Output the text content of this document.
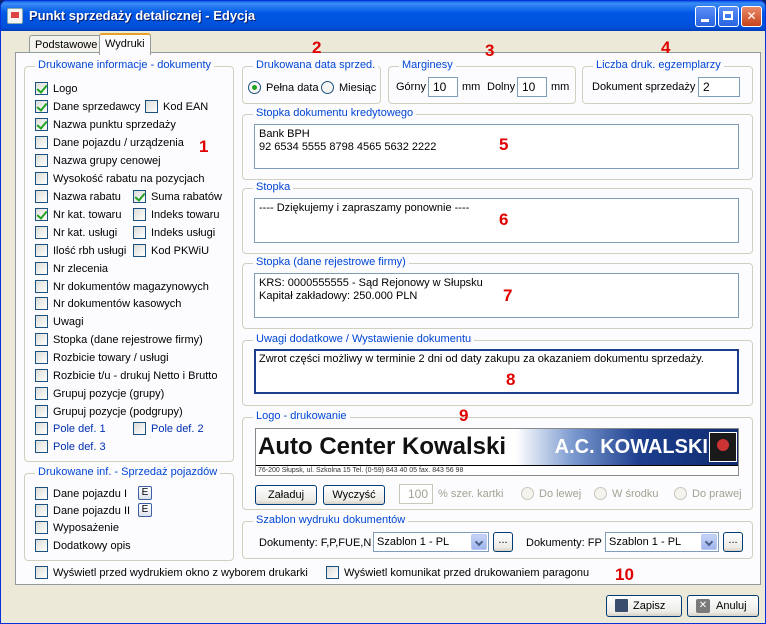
Punkt sprzedaży detalicznej - Edycja	✕
Podstawowe Wydruki
Drukowane informacje - dokumenty
Drukowane inf. - Sprzedaż pojazdów
E
E
Drukowana data sprzed.
Pełna data	Miesiąc
Marginesy
Górny 10	mm Dolny 10	mm
Liczba druk. egzemplarzy
Dokument sprzedaży 2
Stopka dokumentu kredytowego
Bank BPH
92 6534 5555 8798 4565 5632 2222
Stopka
---- Dziękujemy i zapraszamy ponownie ----
Stopka (dane rejestrowe firmy)
KRS: 0000555555 - Sąd Rejonowy w Słupsku
Kapitał zakładowy: 250.000 PLN
Uwagi dodatkowe / Wystawienie dokumentu
Zwrot części możliwy w terminie 2 dni od daty zakupu za okazaniem dokumentu sprzedaży.
Logo - drukowanie
Auto Center Kowalski	A.C. KOWALSKI
76-200 Słupsk, ul. Szkolna 15 Tel. (0-59) 843 40 05 fax. 843 56 98
Załaduj	Wyczyść	100 % szer. kartki	Do lewej	W środku	Do prawej
Szablon wydruku dokumentów
Dokumenty: F,P,FUE,N Szablon 1 - PL	...	Dokumenty: FP Szablon 1 - PL	...
Wyświetl przed wydrukiem okno z wyborem drukarki	Wyświetl komunikat przed drukowaniem paragonu
Zapisz	✕ Anuluj
1
2	3	4
5
6
7
8
9
10
Logo
Dane sprzedawcy	Kod EAN
Nazwa punktu sprzedaży
Dane pojazdu / urządzenia
Nazwa grupy cenowej
Wysokość rabatu na pozycjach
Nazwa rabatu	Suma rabatów
Nr kat. towaru	Indeks towaru
Nr kat. usługi	Indeks usługi
Ilość rbh usługi	Kod PKWiU
Nr zlecenia
Nr dokumentów magazynowych
Nr dokumentów kasowych
Uwagi
Stopka (dane rejestrowe firmy)
Rozbicie towary / usługi
Rozbicie t/u - drukuj Netto i Brutto
Grupuj pozycje (grupy)
Grupuj pozycje (podgrupy)
Pole def. 1	Pole def. 2
Pole def. 3
Dane pojazdu I
Dane pojazdu II
Wyposażenie
Dodatkowy opis
